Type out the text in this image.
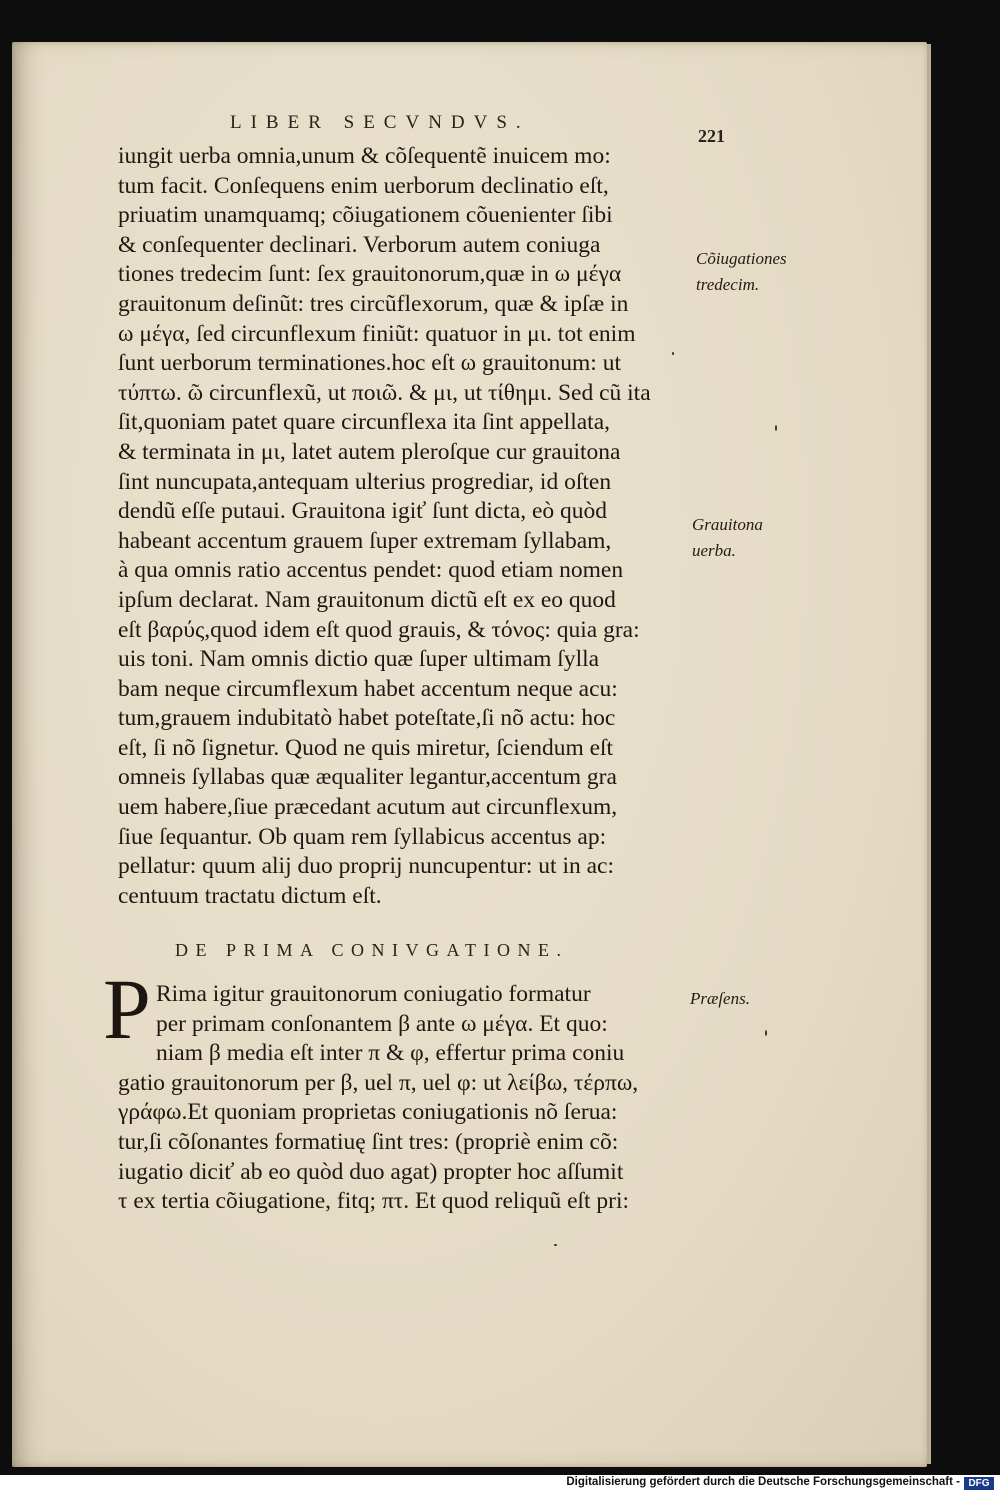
LIBER SECVNDVS.
221
iungit uerba omnia,unum & cõſequentẽ inuicem mo:
tum facit. Conſequens enim uerborum declinatio eſt,
priuatim unamquamq; cõiugationem cõuenienter ſibi
& conſequenter declinari. Verborum autem coniuga
tiones tredecim ſunt: ſex grauitonorum,quæ in ω μέγα
grauitonum deſinũt: tres circũflexorum, quæ & ipſæ in
ω μέγα, ſed circunflexum finiũt: quatuor in μι. tot enim
ſunt uerborum terminationes.hoc eſt ω grauitonum: ut
τύπτω. ῶ circunflexũ, ut ποιῶ. & μι, ut τίθημι. Sed cũ ita
ſit,quoniam patet quare circunflexa ita ſint appellata,
& terminata in μι, latet autem pleroſque cur grauitona
ſint nuncupata,antequam ulterius progrediar, id oſten
dendũ eſſe putaui. Grauitona igiť ſunt dicta, eò quòd
habeant accentum grauem ſuper extremam ſyllabam,
à qua omnis ratio accentus pendet: quod etiam nomen
ipſum declarat. Nam grauitonum dictũ eſt ex eo quod
eſt βαρύς,quod idem eſt quod grauis, & τόνος: quia gra:
uis toni. Nam omnis dictio quæ ſuper ultimam ſylla
bam neque circumflexum habet accentum neque acu:
tum,grauem indubitatò habet poteſtate,ſi nõ actu: hoc
eſt, ſi nõ ſignetur. Quod ne quis miretur, ſciendum eſt
omneis ſyllabas quæ æqualiter legantur,accentum gra
uem habere,ſiue præcedant acutum aut circunflexum,
ſiue ſequantur. Ob quam rem ſyllabicus accentus ap:
pellatur: quum alij duo proprij nuncupentur: ut in ac:
centuum tractatu dictum eſt.
Cõiugationes
tredecim.
Grauitona
uerba.
Præſens.
DE PRIMA CONIVGATIONE.
P Rima igitur grauitonorum coniugatio formatur
per primam conſonantem β ante ω μέγα. Et quo:
niam β media eſt inter π & φ, effertur prima coniu
gatio grauitonorum per β, uel π, uel φ: ut λείβω, τέρπω,
γράφω.Et quoniam proprietas coniugationis nõ ſerua:
tur,ſi cõſonantes formatiuę ſint tres: (propriè enim cõ:
iugatio diciť ab eo quòd duo agat) propter hoc aſſumit
τ ex tertia cõiugatione, fitq; πτ. Et quod reliquũ eſt pri:
Digitalisierung gefördert durch die Deutsche Forschungsgemeinschaft - DFG
